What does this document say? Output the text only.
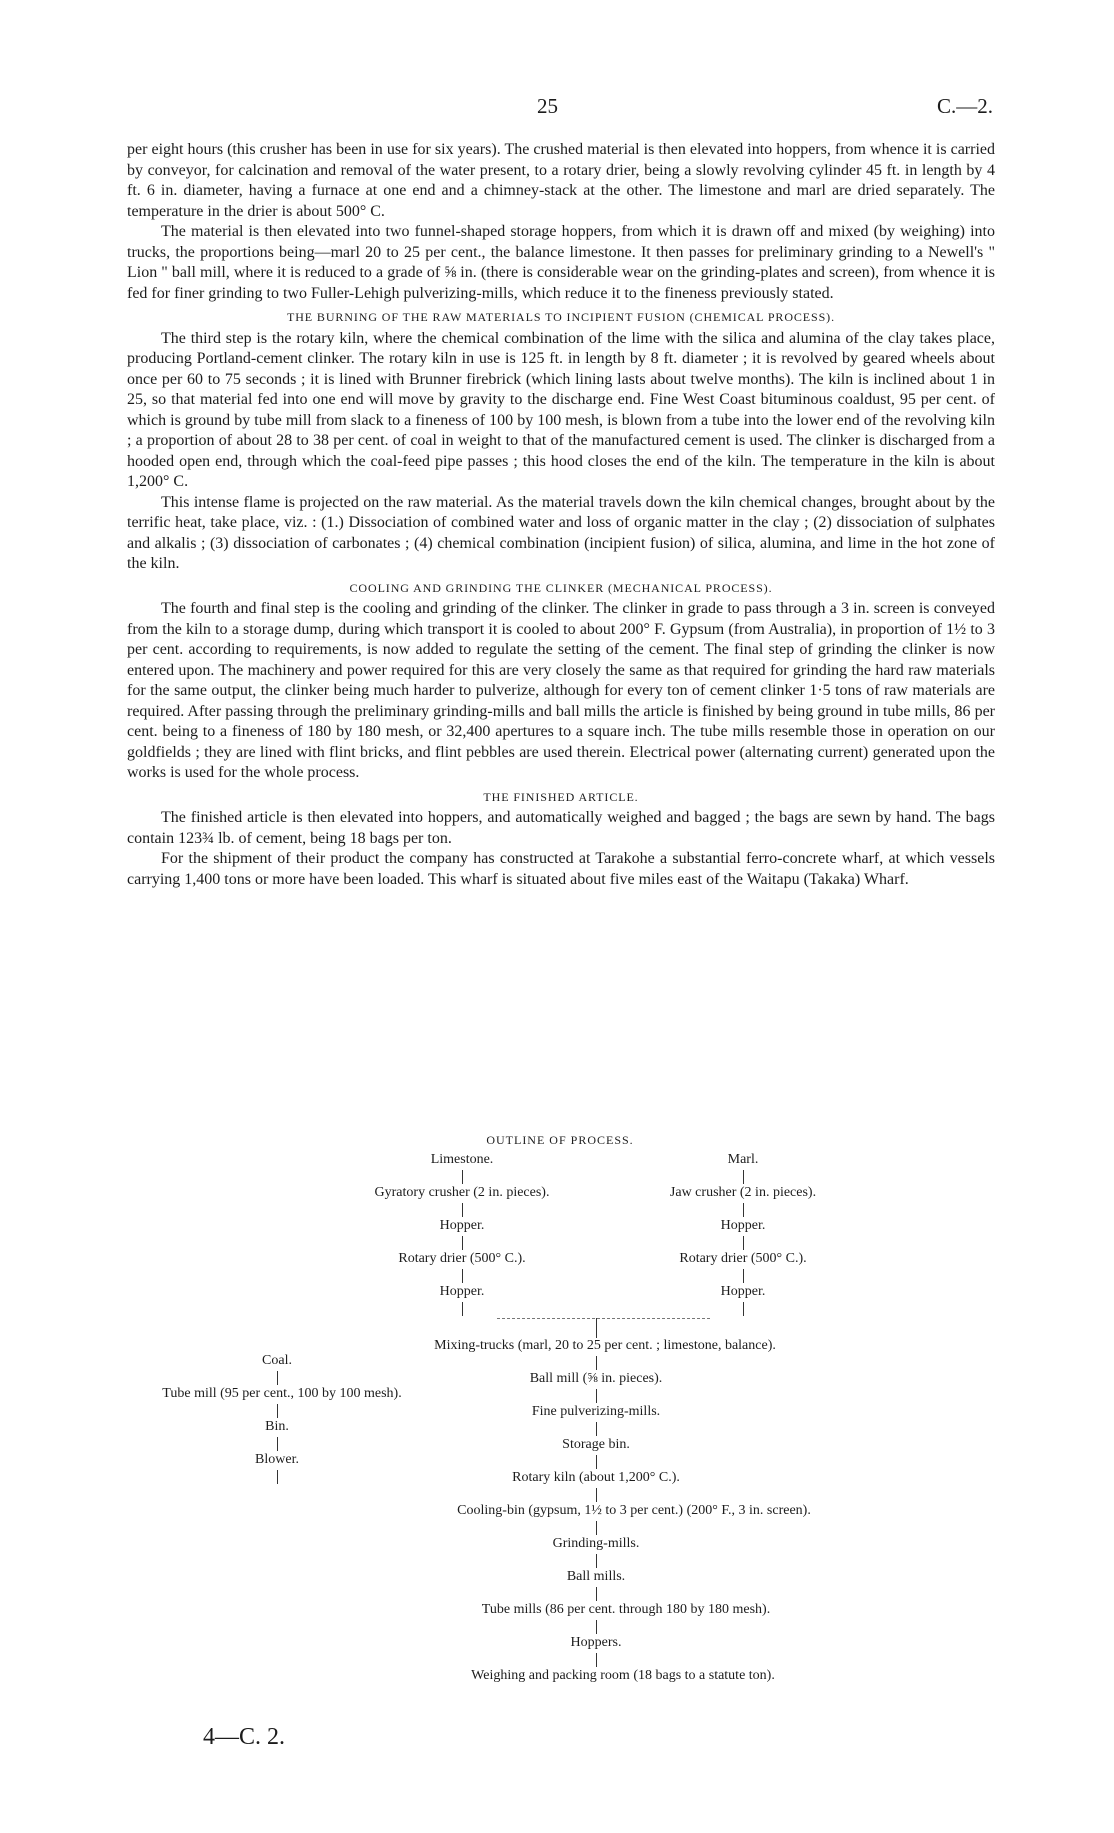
25	C.—2.

per eight hours (this crusher has been in use for six years). The crushed material is then elevated into hoppers, from whence it is carried by conveyor, for calcination and removal of the water present, to a rotary drier, being a slowly revolving cylinder 45 ft. in length by 4 ft. 6 in. diameter, having a furnace at one end and a chimney-stack at the other. The limestone and marl are dried separately. The temperature in the drier is about 500° C.

The material is then elevated into two funnel-shaped storage hoppers, from which it is drawn off and mixed (by weighing) into trucks, the proportions being—marl 20 to 25 per cent., the balance limestone. It then passes for preliminary grinding to a Newell's " Lion " ball mill, where it is reduced to a grade of ⅝ in. (there is considerable wear on the grinding-plates and screen), from whence it is fed for finer grinding to two Fuller-Lehigh pulverizing-mills, which reduce it to the fineness previously stated.

THE BURNING OF THE RAW MATERIALS TO INCIPIENT FUSION (CHEMICAL PROCESS).

The third step is the rotary kiln, where the chemical combination of the lime with the silica and alumina of the clay takes place, producing Portland-cement clinker. The rotary kiln in use is 125 ft. in length by 8 ft. diameter ; it is revolved by geared wheels about once per 60 to 75 seconds ; it is lined with Brunner firebrick (which lining lasts about twelve months). The kiln is inclined about 1 in 25, so that material fed into one end will move by gravity to the discharge end. Fine West Coast bituminous coaldust, 95 per cent. of which is ground by tube mill from slack to a fineness of 100 by 100 mesh, is blown from a tube into the lower end of the revolving kiln ; a proportion of about 28 to 38 per cent. of coal in weight to that of the manufactured cement is used. The clinker is discharged from a hooded open end, through which the coal-feed pipe passes ; this hood closes the end of the kiln. The temperature in the kiln is about 1,200° C.

This intense flame is projected on the raw material. As the material travels down the kiln chemical changes, brought about by the terrific heat, take place, viz. : (1.) Dissociation of combined water and loss of organic matter in the clay ; (2) dissociation of sulphates and alkalis ; (3) dissociation of carbonates ; (4) chemical combination (incipient fusion) of silica, alumina, and lime in the hot zone of the kiln.

COOLING AND GRINDING THE CLINKER (MECHANICAL PROCESS).

The fourth and final step is the cooling and grinding of the clinker. The clinker in grade to pass through a 3 in. screen is conveyed from the kiln to a storage dump, during which transport it is cooled to about 200° F. Gypsum (from Australia), in proportion of 1½ to 3 per cent. according to requirements, is now added to regulate the setting of the cement. The final step of grinding the clinker is now entered upon. The machinery and power required for this are very closely the same as that required for grinding the hard raw materials for the same output, the clinker being much harder to pulverize, although for every ton of cement clinker 1·5 tons of raw materials are required. After passing through the preliminary grinding-mills and ball mills the article is finished by being ground in tube mills, 86 per cent. being to a fineness of 180 by 180 mesh, or 32,400 apertures to a square inch. The tube mills resemble those in operation on our goldfields ; they are lined with flint bricks, and flint pebbles are used therein. Electrical power (alternating current) generated upon the works is used for the whole process.

THE FINISHED ARTICLE.

The finished article is then elevated into hoppers, and automatically weighed and bagged ; the bags are sewn by hand. The bags contain 123¾ lb. of cement, being 18 bags per ton.

For the shipment of their product the company has constructed at Tarakohe a substantial ferro-concrete wharf, at which vessels carrying 1,400 tons or more have been loaded. This wharf is situated about five miles east of the Waitapu (Takaka) Wharf.

OUTLINE OF PROCESS.
Limestone.
Gyratory crusher (2 in. pieces).
Hopper.
Rotary drier (500° C.).
Hopper.
Marl.
Jaw crusher (2 in. pieces).
Hopper.
Rotary drier (500° C.).
Hopper.
Mixing-trucks (marl, 20 to 25 per cent. ; limestone, balance).
Ball mill (⅝ in. pieces).
Fine pulverizing-mills.
Storage bin.
Rotary kiln (about 1,200° C.).
Cooling-bin (gypsum, 1½ to 3 per cent.) (200° F., 3 in. screen).
Grinding-mills.
Ball mills.
Tube mills (86 per cent. through 180 by 180 mesh).
Hoppers.
Weighing and packing room (18 bags to a statute ton).
Coal.
Tube mill (95 per cent., 100 by 100 mesh).
Bin.
Blower.
4—C. 2.
